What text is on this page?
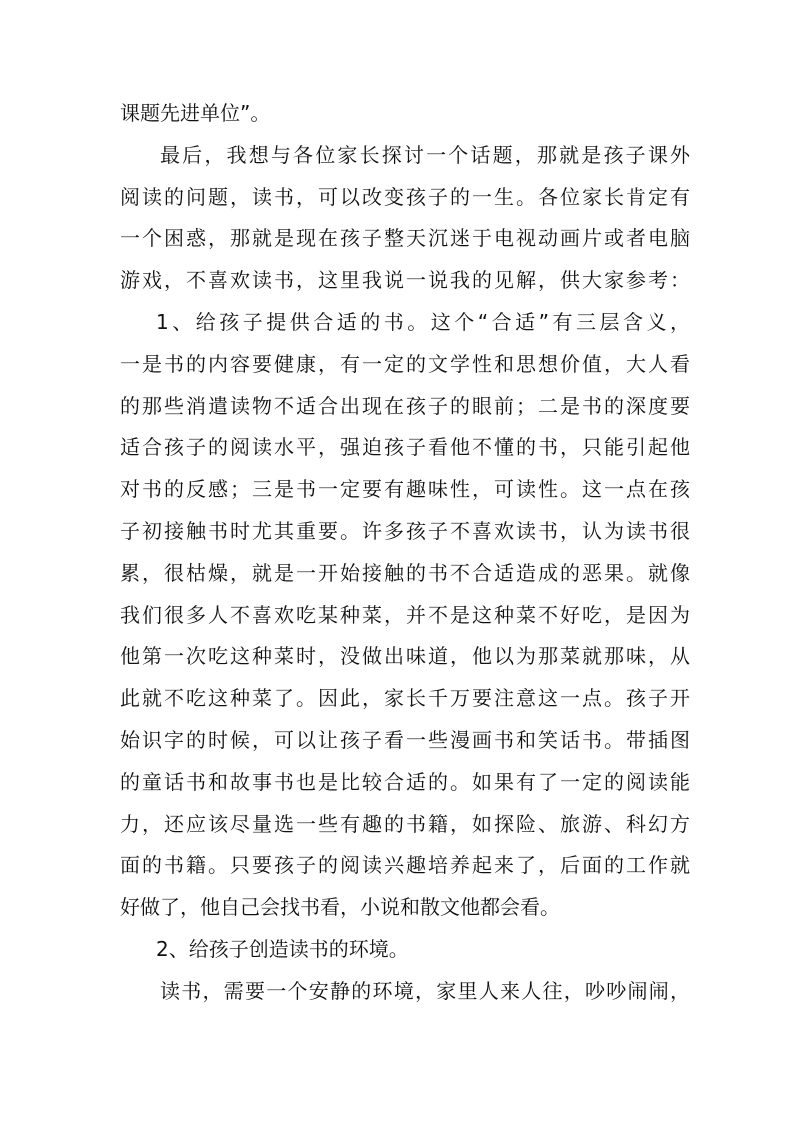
课题先进单位”。
最后，我想与各位家长探讨一个话题，那就是孩子课外
阅读的问题，读书，可以改变孩子的一生。各位家长肯定有
一个困惑，那就是现在孩子整天沉迷于电视动画片或者电脑
游戏，不喜欢读书，这里我说一说我的见解，供大家参考：
1、给孩子提供合适的书。这个“合适”有三层含义，
一是书的内容要健康，有一定的文学性和思想价值，大人看
的那些消遣读物不适合出现在孩子的眼前；二是书的深度要
适合孩子的阅读水平，强迫孩子看他不懂的书，只能引起他
对书的反感；三是书一定要有趣味性，可读性。这一点在孩
子初接触书时尤其重要。许多孩子不喜欢读书，认为读书很
累，很枯燥，就是一开始接触的书不合适造成的恶果。就像
我们很多人不喜欢吃某种菜，并不是这种菜不好吃，是因为
他第一次吃这种菜时，没做出味道，他以为那菜就那味，从
此就不吃这种菜了。因此，家长千万要注意这一点。孩子开
始识字的时候，可以让孩子看一些漫画书和笑话书。带插图
的童话书和故事书也是比较合适的。如果有了一定的阅读能
力，还应该尽量选一些有趣的书籍，如探险、旅游、科幻方
面的书籍。只要孩子的阅读兴趣培养起来了，后面的工作就
好做了，他自己会找书看，小说和散文他都会看。
2、给孩子创造读书的环境。
读书，需要一个安静的环境，家里人来人往，吵吵闹闹，
